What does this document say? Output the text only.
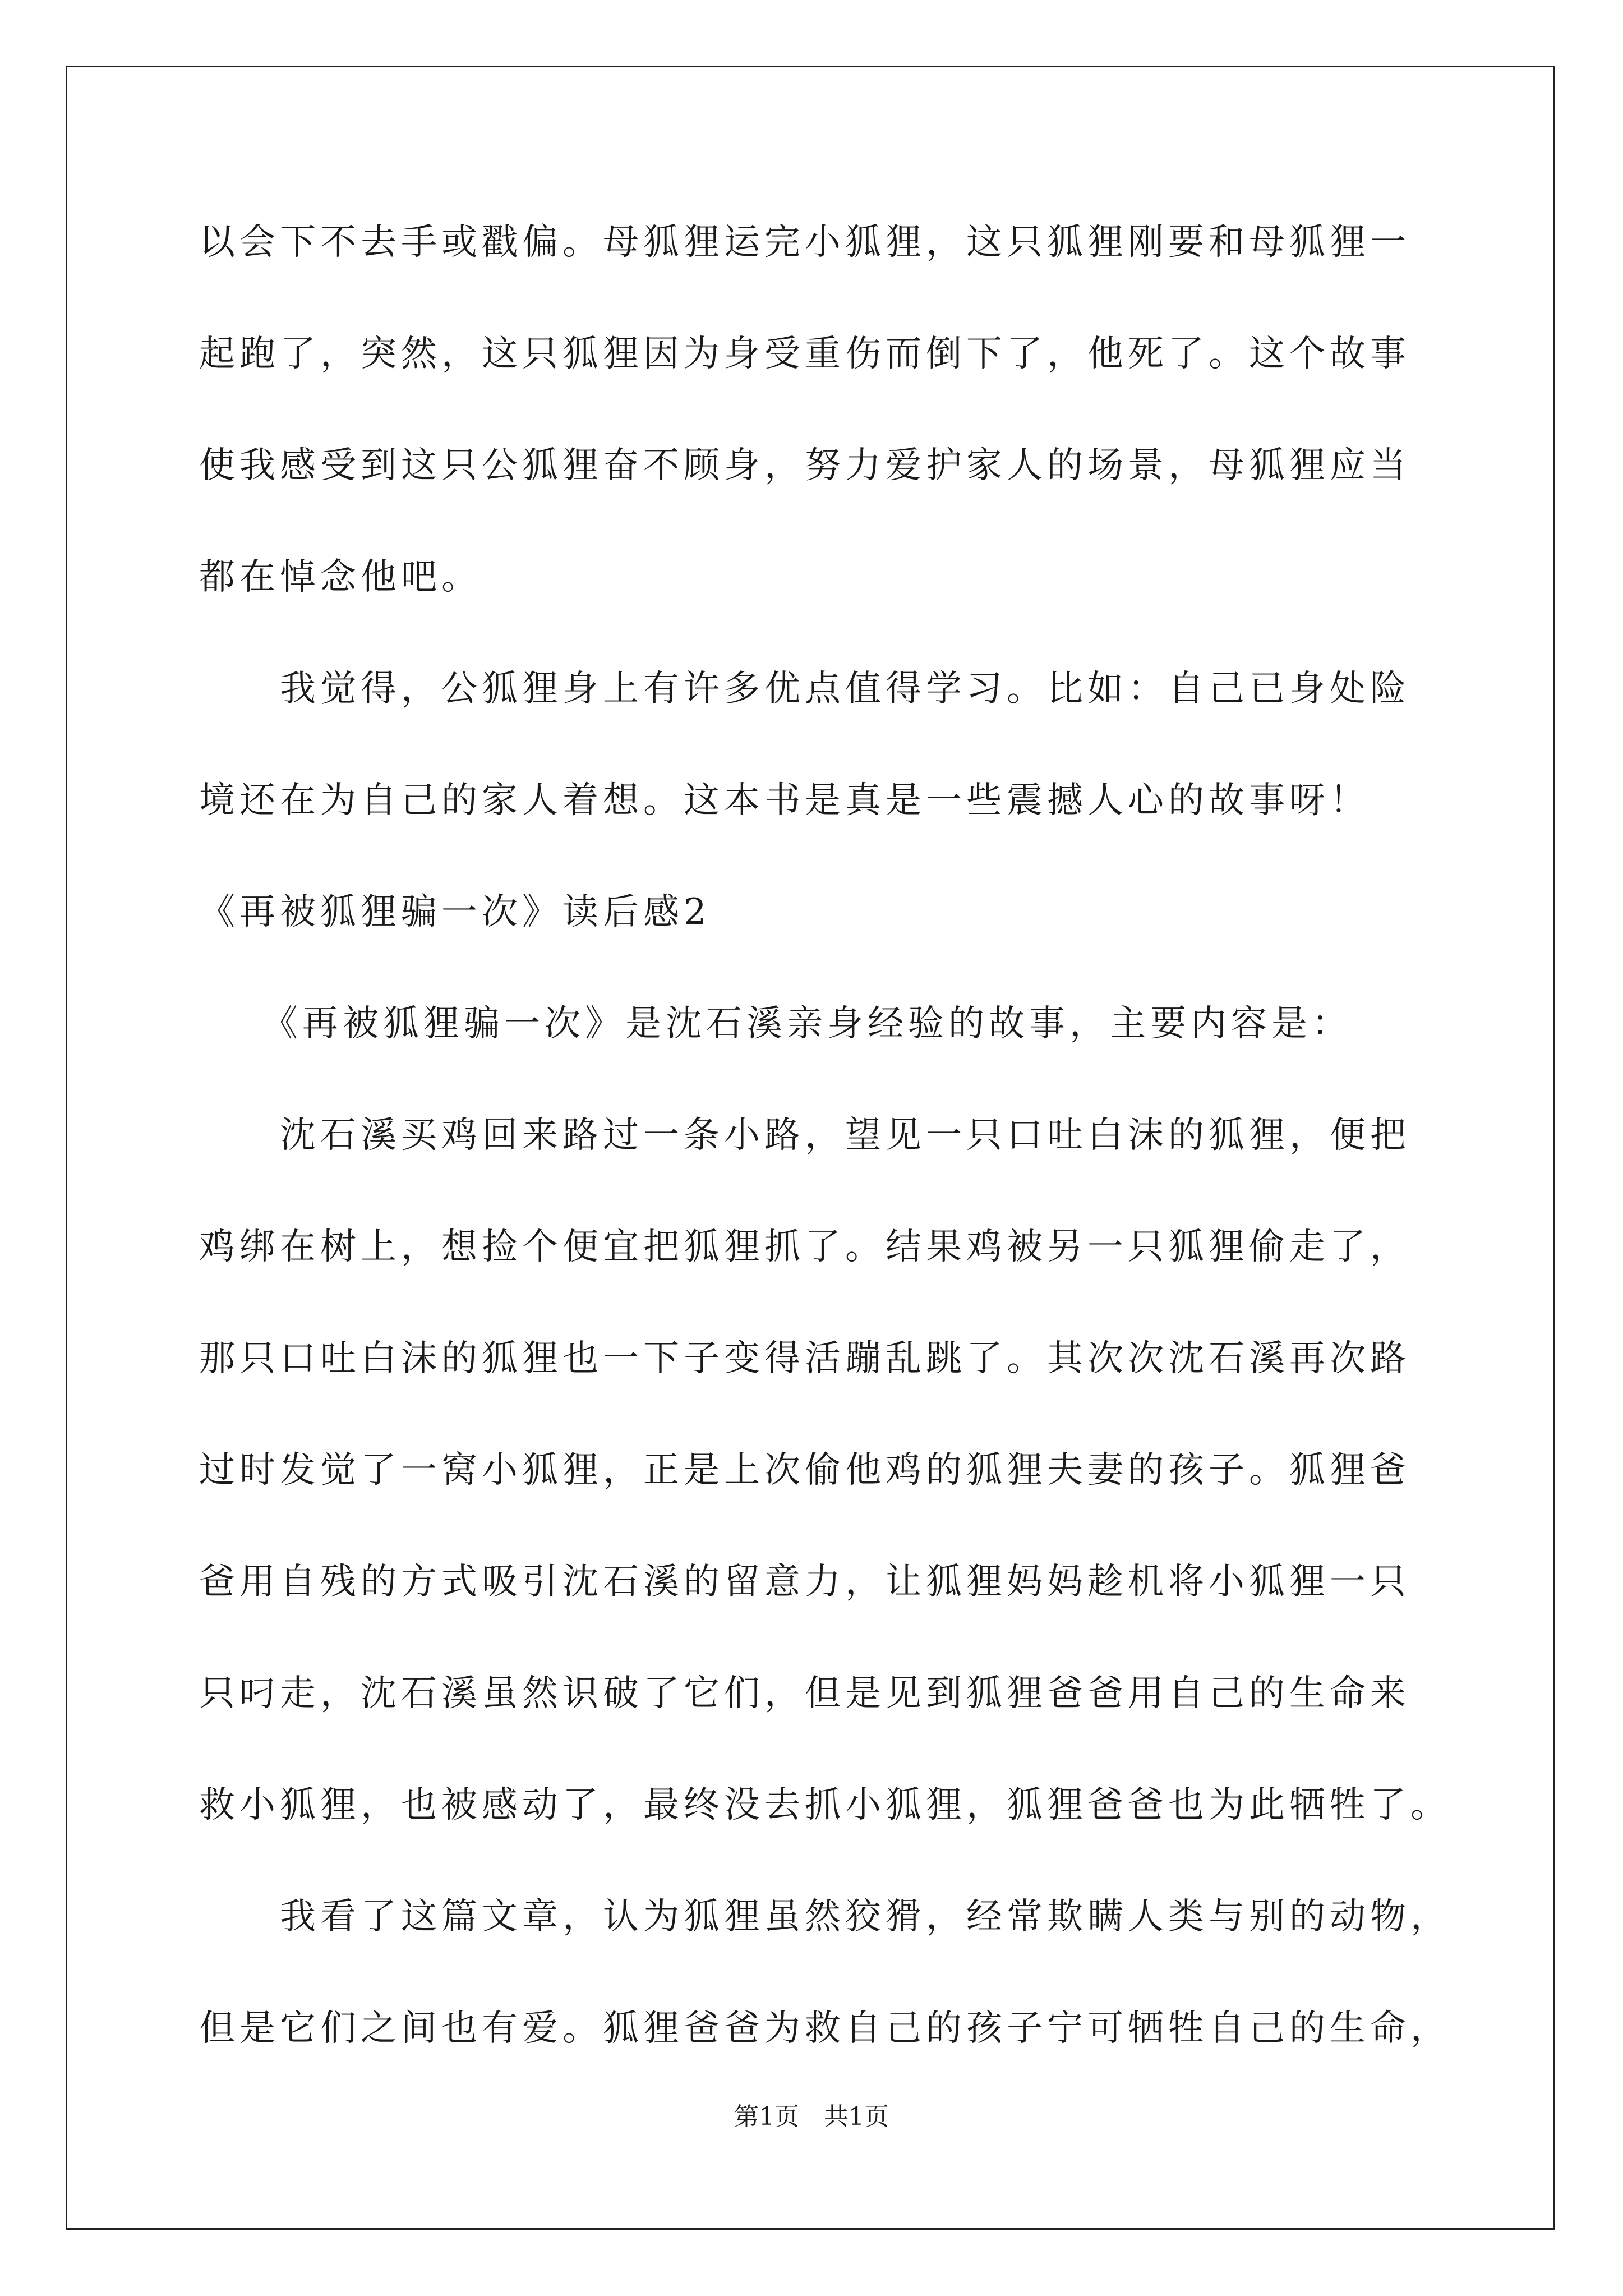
以会下不去手或戳偏。母狐狸运完小狐狸，这只狐狸刚要和母狐狸一
起跑了，突然，这只狐狸因为身受重伤而倒下了，他死了。这个故事
使我感受到这只公狐狸奋不顾身，努力爱护家人的场景，母狐狸应当
都在悼念他吧。
　　我觉得，公狐狸身上有许多优点值得学习。比如：自己已身处险
境还在为自己的家人着想。这本书是真是一些震撼人心的故事呀！
《再被狐狸骗一次》读后感2
　　《再被狐狸骗一次》是沈石溪亲身经验的故事，主要内容是：
　　沈石溪买鸡回来路过一条小路，望见一只口吐白沫的狐狸，便把
鸡绑在树上，想捡个便宜把狐狸抓了。结果鸡被另一只狐狸偷走了，
那只口吐白沫的狐狸也一下子变得活蹦乱跳了。其次次沈石溪再次路
过时发觉了一窝小狐狸，正是上次偷他鸡的狐狸夫妻的孩子。狐狸爸
爸用自残的方式吸引沈石溪的留意力，让狐狸妈妈趁机将小狐狸一只
只叼走，沈石溪虽然识破了它们，但是见到狐狸爸爸用自己的生命来
救小狐狸，也被感动了，最终没去抓小狐狸，狐狸爸爸也为此牺牲了。
　　我看了这篇文章，认为狐狸虽然狡猾，经常欺瞒人类与别的动物，
但是它们之间也有爱。狐狸爸爸为救自己的孩子宁可牺牲自己的生命，
第1页　共1页
